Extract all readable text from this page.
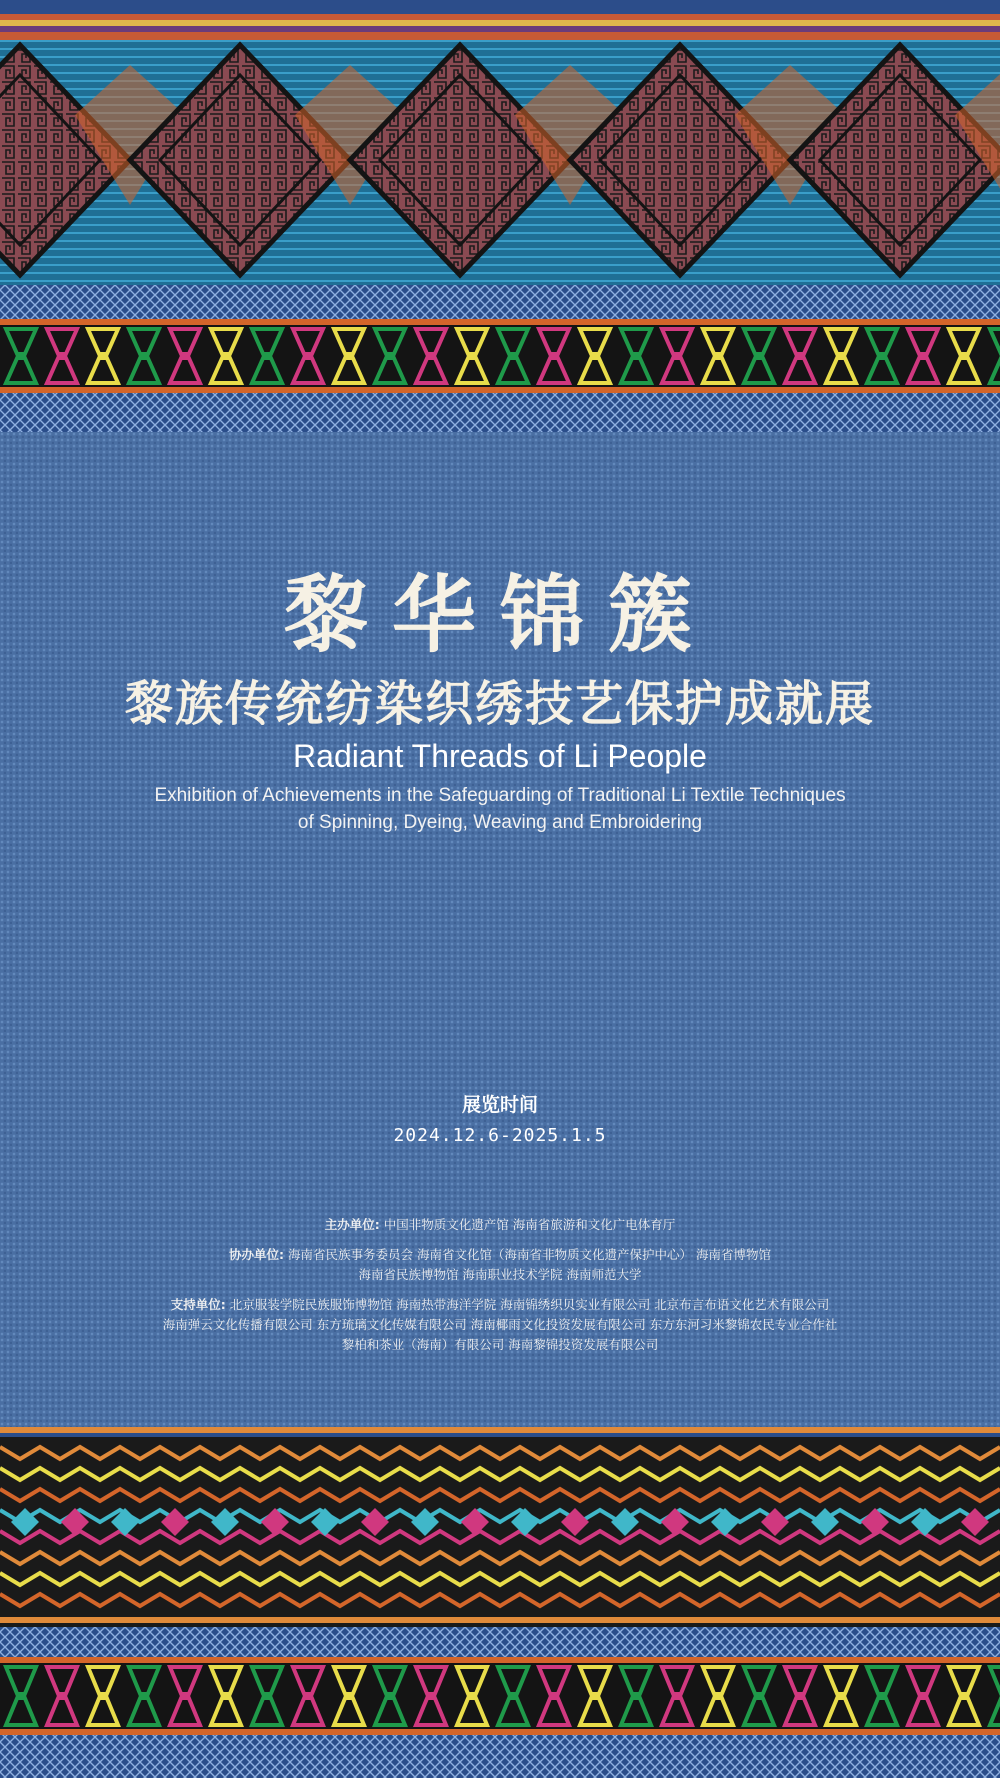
黎华锦簇
黎族传统纺染织绣技艺保护成就展
Radiant Threads of Li People
Exhibition of Achievements in the Safeguarding of Traditional Li Textile Techniques
of Spinning, Dyeing, Weaving and Embroidering
展览时间
2024.12.6-2025.1.5
主办单位: 中国非物质文化遗产馆 海南省旅游和文化广电体育厅
协办单位: 海南省民族事务委员会 海南省文化馆（海南省非物质文化遗产保护中心） 海南省博物馆
海南省民族博物馆 海南职业技术学院 海南师范大学
支持单位: 北京服装学院民族服饰博物馆 海南热带海洋学院 海南锦绣织贝实业有限公司 北京布言布语文化艺术有限公司
海南弹云文化传播有限公司 东方琉璃文化传媒有限公司 海南椰雨文化投资发展有限公司 东方东河习米黎锦农民专业合作社
黎柏和茶业（海南）有限公司 海南黎锦投资发展有限公司
